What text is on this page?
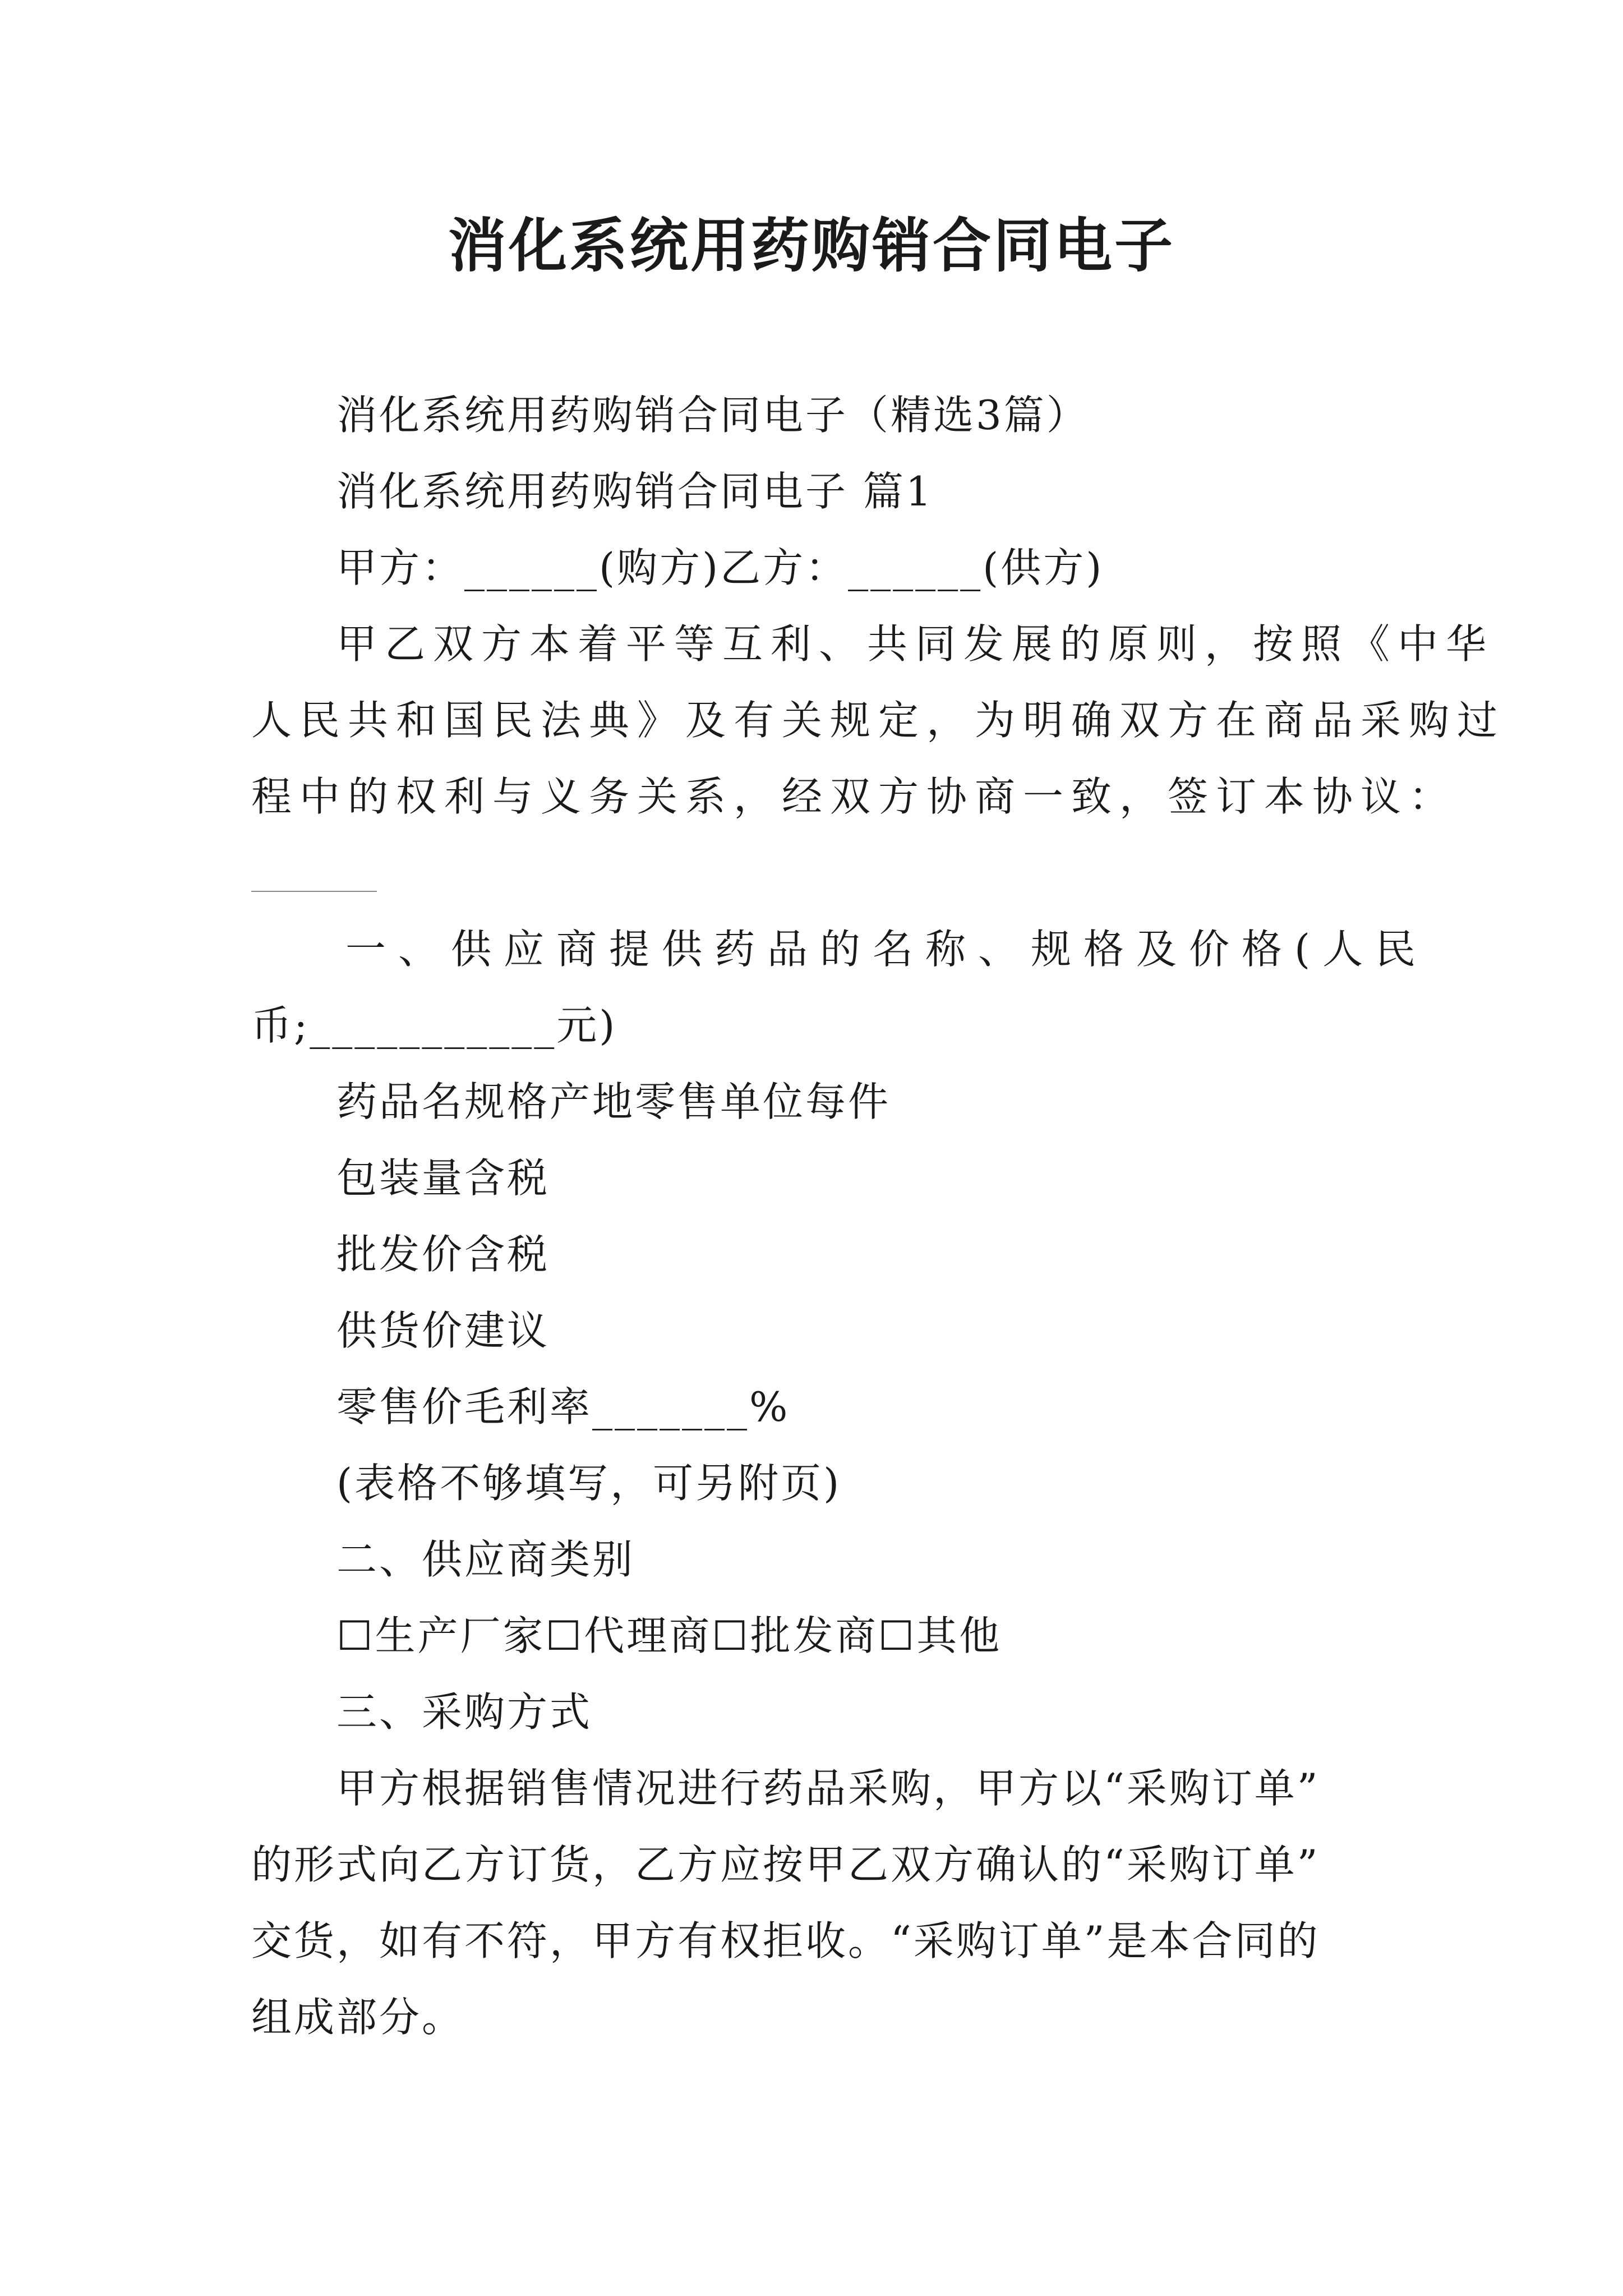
消化系统用药购销合同电子
消化系统用药购销合同电子（精选3篇）
消化系统用药购销合同电子 篇1
甲方：______(购方)乙方：______(供方)
甲乙双方本着平等互利、共同发展的原则，按照《中华
人民共和国民法典》及有关规定，为明确双方在商品采购过
程中的权利与义务关系，经双方协商一致，签订本协议：
一、供应商提供药品的名称、规格及价格(人民
币;___________元)
药品名规格产地零售单位每件
包装量含税
批发价含税
供货价建议
零售价毛利率_______%
(表格不够填写，可另附页)
二、供应商类别
☐生产厂家☐代理商☐批发商☐其他
三、采购方式
甲方根据销售情况进行药品采购，甲方以“采购订单”
的形式向乙方订货，乙方应按甲乙双方确认的“采购订单”
交货，如有不符，甲方有权拒收。“采购订单”是本合同的
组成部分。
